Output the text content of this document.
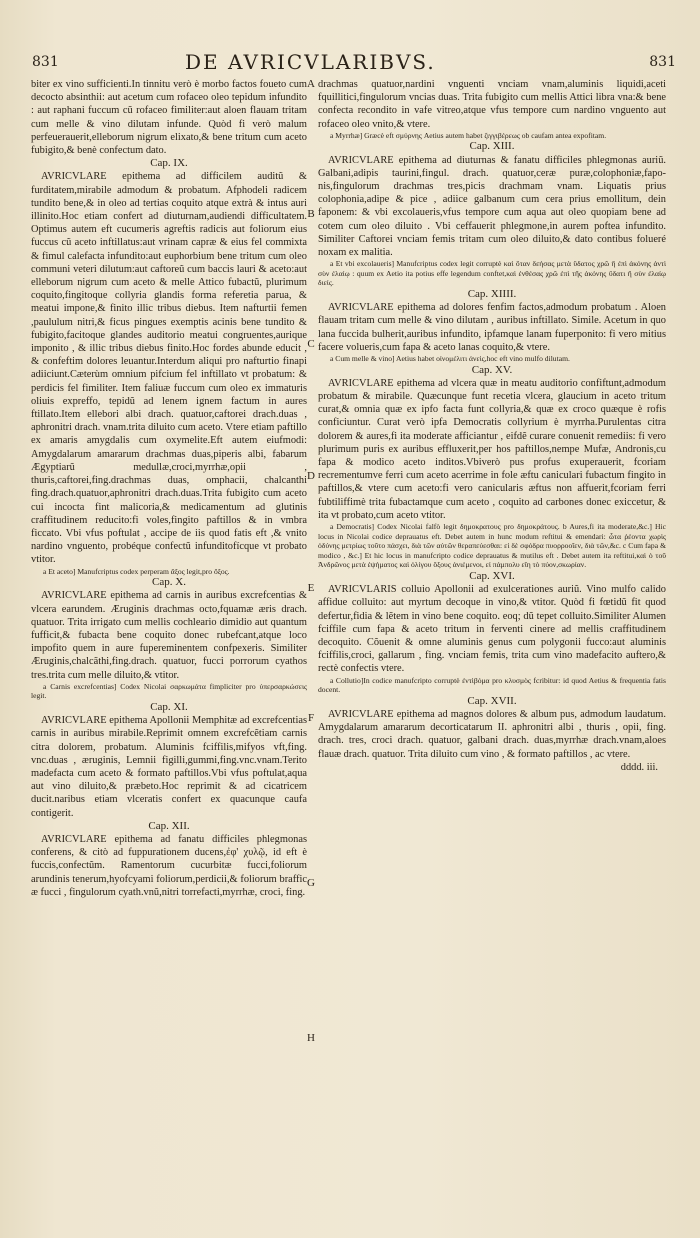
831	DE AVRICVLARIBVS.	831

biter ex vino sufficienti.In tinnitu verò è morbo factos foueto cum decocto absinthii: aut acetum cum rofaceo oleo tepidum infundito : aut raphani fuccum cũ rofaceo fimiliter:aut aloen flauam tritam cum melle & vino dilutam infunde. Quòd fi verò malum perfeuerauerit,elleborum nigrum elixato,& bene tritum cum aceto fubigito,& benè confectum dato.

Cap. IX.

AVRICVLARE epithema ad difficilem auditũ & furditatem,mirabile admodum & probatum. Afphodeli radicem tundito bene,& in oleo ad tertias coquito atque extrà & intus auri illinito.Hoc etiam confert ad diuturnam,audiendi difficultatem. Optimus autem eft cucumeris agreftis radicis aut foliorum eius fuccus cũ aceto inftillatus:aut vrinam capræ & eius fel commixta & fimul calefacta infundito:aut euphorbium bene tritum cum oleo communi veteri dilutum:aut caftoreũ cum baccis lauri & aceto:aut elleborum nigrum cum aceto & melle Attico fubactũ, plurimum coquito,fingitoque collyria glandis forma referetia parua, & meatui impone,& finito illic tribus diebus. Item nafturtii femen ,paululum nitri,& ficus pingues exemptis acinis bene tundito & fubigito,facitoque glandes auditorio meatui congruentes,aurique imponito , & illic tribus diebus finito.Hoc fordes abunde educit , & confeftim dolores leuantur.Interdum aliqui pro nafturtio finapi adiiciunt.Cæterùm omnium pifcium fel inftillato vt probatum: & perdicis fel fimiliter. Item faliuæ fuccum cum oleo ex immaturis oliuis expreffo, tepidũ ad lenem ignem factum in aures ftillato.Item ellebori albi drach. quatuor,caftorei drach.duas , aphronitri drach. vnam.trita diluito cum aceto. Vtere etiam paftillo ex amaris amygdalis cum oxymelite.Eft autem eiufmodi: Amygdalarum amararum drachmas duas,piperis albi, fabarum Ægyptiarũ medullæ,croci,myrrhæ,opii , thuris,caftorei,fing.drachmas duas, omphacii, chalcanthi fing.drach.quatuor,aphronitri drach.duas.Trita fubigito cum aceto cui incocta fint malicoria,& medicamentum ad glutinis craffitudinem reducito:fi voles,fingito paftillos & in vmbra ficcato. Vbi vfus poftulat , accipe de iis quod fatis eft ,& vnito nardino vnguento, probéque confectũ infunditofícque vt probato vtitor.

a Et aceto] Manufcriptus codex perperam ἄξος legit,pro ὄξος.

Cap. X.

AVRICVLARE epithema ad carnis in auribus excrefcentias & vlcera earundem. Æruginis drachmas octo,fquamæ æris drach. quatuor. Trita irrigato cum mellis cochleario dimidio aut quantum fufficit,& fubacta bene coquito donec rubefcant,atque loco impofito quem in aure fupereminentem confpexeris. Similiter Æruginis,chalcãthi,fing.drach. quatuor, fucci porrorum cyathos tres.trita cum melle diluito,& vtitor.

a Carnis excrefcentias] Codex Nicolai σαρκωμάτα fimpliciter pro ὑπερσαρκώσεις legit.

Cap. XI.

AVRICVLARE epithema Apollonii Memphitæ ad excrefcentias carnis in auribus mirabile.Reprimit omnem excrefcẽtiam carnis citra dolorem, probatum. Aluminis fciffilis,mifyos vft,fing. vnc.duas , æruginis, Lemnii figilli,gummi,fing.vnc.vnam.Terito madefacta cum aceto & formato paftillos.Vbi vfus poftulat,aqua aut vino diluito,& præbeto.Hoc reprimit & ad cicatricem ducit.naribus etiam vlceratis confert ex quacunque caufa contigerit.

Cap. XII.

AVRICVLARE epithema ad fanatu difficiles phlegmonas conferens, & citò ad fuppurationem ducens,ἐφ' χυλῷ, id eft è fuccis,confectũm. Ramentorum cucurbitæ fucci,foliorum arundinis tenerum,hyofcyami foliorum,perdicii,& foliorum braffic æ fucci , fingulorum cyath.vnũ,nitri torrefacti,myrrhæ, croci, fing.

drachmas quatuor,nardini vnguenti vnciam vnam,aluminis liquidi,aceti fquillitici,fingulorum vncias duas. Trita fubigito cum mellis Attici libra vna:& bene confecta recondito in vafe vitreo,atque vfus tempore cum nardino vnguento aut rofaceo oleo vnito,& vtere.

a Myrrhæ] Græcè eft σμύρνης Aetius autem habet ζιγγιβέρεως ob caufam antea expofitam.

Cap. XIII.

AVRICVLARE epithema ad diuturnas & fanatu difficiles phlegmonas auriũ. Galbani,adipis taurini,fingul. drach. quatuor,ceræ puræ,colophoniæ,fapo-nis,fingulorum drachmas tres,picis drachmam vnam. Liquatis prius colophonia,adipe & pice , adiice galbanum cum cera prius emollitum, dein faponem: & vbi excolaueris,vfus tempore cum aqua aut oleo quopiam bene ad cotem cum oleo diluito . Vbi ceffauerit phlegmone,in aurem poftea infundito. Similiter Caftorei vnciam femis tritam cum oleo diluito,& dato contibus folueré noxam ex malitia.

a Et vbi excolaueris] Manufcriptus codex legit corruptè καὶ ὅταν δεήσας μετὰ ὕδατος χρῶ ἢ ἐπὶ ἀκόνης ἀντὶ σὺν ἐλαίῳ : quum ex Aetio ita potius effe legendum conftet,καὶ ἐνθέσας χρῶ ἐπὶ τῆς ἀκόνης ὕδατι ἢ σὺν ἐλαίῳ διείς.

Cap. XIIII.

AVRICVLARE epithema ad dolores fenfim factos,admodum probatum . Aloen flauam tritam cum melle & vino dilutam , auribus inftillato. Simile. Acetum in quo lana fuccida bulherit,auribus infundito, ipfamque lanam fuperponito: fi vero mitius facere volueris,cum fapa & aceto lanas coquito,& vtere.

a Cum melle & vino] Aetius habet οἰνομέλιτι ἀνεὶς,hoc eft vino mulfo dilutam.

Cap. XV.

AVRICVLARE epithema ad vlcera quæ in meatu auditorio confiftunt,admodum probatum & mirabile. Quæcunque funt recetia vlcera, glaucium in aceto tritum curat,& omnia quæ ex ipfo facta funt collyria,& quæ ex croco quæque è rofis conficiuntur. Curat verò ipfa Democratis collyrium è myrrha.Purulentas citra dolorem & aures,fi ita moderate afficiantur , eifdẽ curare conuenit remediis: fi vero plurimum puris ex auribus effluxerit,per hos paftillos,nempe Mufæ, Andronis,cu fapa & modico aceto inditos.Vbiverò pus profus exuperauerit, fcoriam recrementumve ferri cum aceto acerrime in fole æftu caniculari fubactum fingito in paftillos,& vtere cum aceto:fi vero canicularis æftus non affuerit,fcoriam ferri fubtiliffimè trita fubactamque cum aceto , coquito ad carbones donec exiccetur, & ita vt probato,cum aceto vtitor.

a Democratis] Codex Nicolai falfò legit δημοκρατους pro δημοκράτους. b Aures,fi ita moderate,&c.] Hic locus in Nicolai codice deprauatus eft. Debet autem in hunc modum reftitui & emendari: ὦτα ῥέοντα χωρὶς ὀδύνης μετρίως τοῦτο πάσχει, διὰ τῶν αὐτῶν θεραπεύεσθαι: εἰ δὲ σφόδρα πυορροοῖεν, διὰ τῶν,&c. c Cum fapa & modico , &c.] Et hic locus in manufcripto codice deprauatus & mutilus eft . Debet autem ita reftitui,καὶ ὁ τοῦ Ἀνδρῶνος μετὰ ἑψήματος καὶ ὀλίγου ὄξους ἀνιέμενοι, εἰ πάμπολυ εἴη τὸ πύον,σκωρίαν.

Cap. XVI.

AVRICVLARIS colluio Apollonii ad exulcerationes auriũ. Vino mulfo calido affidue colluito: aut myrtum decoque in vino,& vtitor. Quòd fi fœtidũ fit quod defertur,fidia & lẽtem in vino bene coquito. eoq; dũ tepet colluito.Similiter Alumen fciffile cum fapa & aceto tritum in ferventi cinere ad mellis craffitudinem decoquito. Cõuenit & omne aluminis genus cum polygonii fucco:aut aluminis fciffilis,croci, gallarum , fing. vnciam femis, trita cum vino madefacito auftero,& rectè confectis vtere.

a Collutio]In codice manufcripto corruptè ἐντὶβόμα pro κλυσμὸς fcribitur: id quod Aetius & frequentia fatis docent.

Cap. XVII.

AVRICVLARE epithema ad magnos dolores & album pus, admodum laudatum. Amygdalarum amararum decorticatarum II. aphronitri albi , thuris , opii, fing. drach. tres, croci drach. quatuor, galbani drach. duas,myrrhæ drach.vnam,aloes flauæ drach. quatuor. Trita diluito cum vino , & formato paftillos , ac vtere.

dddd. iii.

A
B
C
D
E
F
G
H
